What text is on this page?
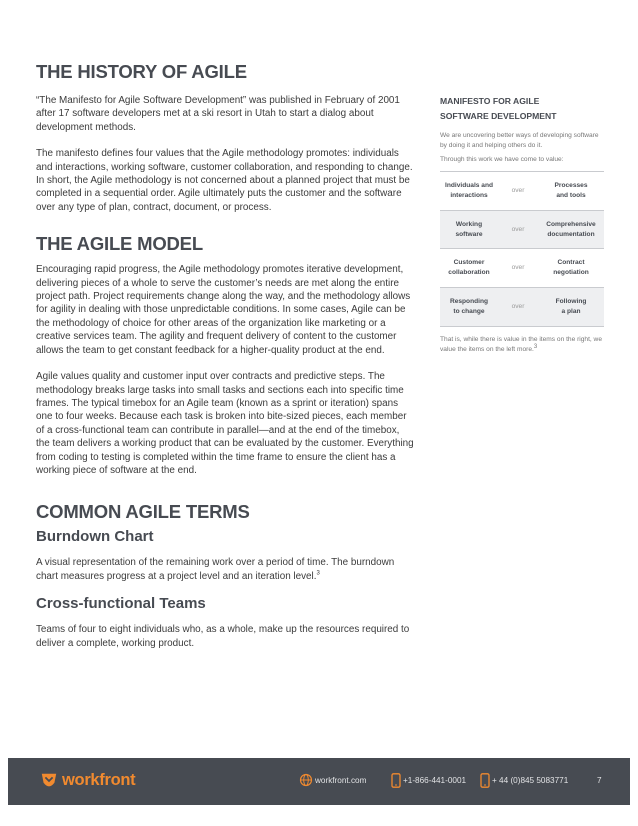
THE HISTORY OF AGILE

“The Manifesto for Agile Software Development” was published in February of 2001 after 17 software developers met at a ski resort in Utah to start a dialog about development methods.

The manifesto defines four values that the Agile methodology promotes: individuals and interactions, working software, customer collaboration, and responding to change. In short, the Agile methodology is not concerned about a planned project that must be completed in a sequential order. Agile ultimately puts the customer and the software over any type of plan, contract, document, or process.

THE AGILE MODEL

Encouraging rapid progress, the Agile methodology promotes iterative development, delivering pieces of a whole to serve the customer’s needs are met along the entire project path. Project requirements change along the way, and the methodology allows for agility in dealing with those unpredictable conditions. In some cases, Agile can be the methodology of choice for other areas of the organization like marketing or a creative services team. The agility and frequent delivery of content to the customer allows the team to get constant feedback for a higher-quality product at the end.

Agile values quality and customer input over contracts and predictive steps. The methodology breaks large tasks into small tasks and sections each into specific time frames. The typical timebox for an Agile team (known as a sprint or iteration) spans one to four weeks. Because each task is broken into bite-sized pieces, each member of a cross-functional team can contribute in parallel—and at the end of the timebox, the team delivers a working product that can be evaluated by the customer. Everything from coding to testing is completed within the time frame to ensure the client has a working piece of software at the end.

COMMON AGILE TERMS
Burndown Chart

A visual representation of the remaining work over a period of time. The burndown chart measures progress at a project level and an iteration level.$^3$

Cross-functional Teams

Teams of four to eight individuals who, as a whole, make up the resources required to deliver a complete, working product.

MANIFESTO FOR AGILE

SOFTWARE DEVELOPMENT

We are uncovering better ways of developing software by doing it and helping others do it.

Through this work we have come to value:

Individuals and
interactions	over	Processes
and tools
Working
software	over	Comprehensive
documentation
Customer
collaboration	over	Contract
negotiation
Responding
to change	over	Following
a plan

That is, while there is value in the items on the right, we value the items on the left more.3

workfront	workfront.com	+1-866-441-0001	+ 44 (0)845 5083771	7
